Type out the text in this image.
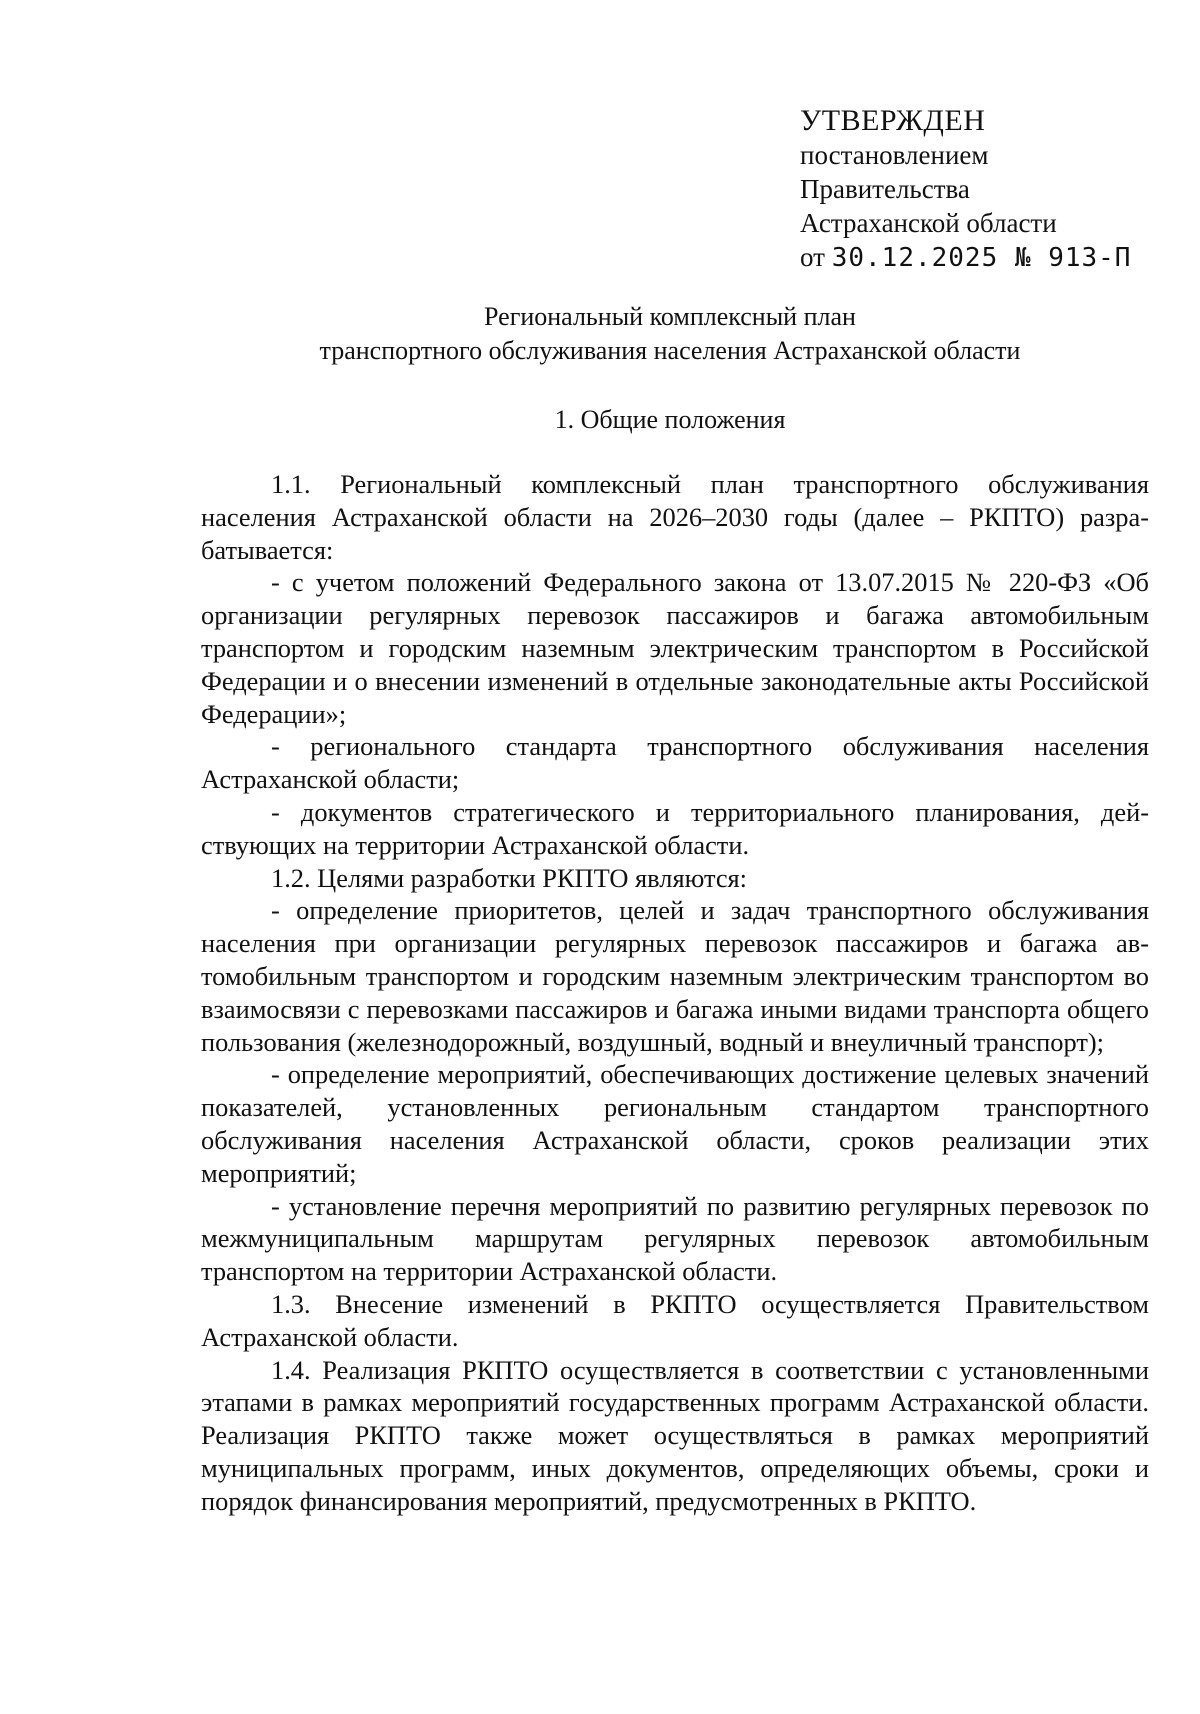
УТВЕРЖДЕН
постановлением
Правительства
Астраханской области
от 30.12.2025 № 913-П
Региональный комплексный план
транспортного обслуживания населения Астраханской области
1. Общие положения

1.1. Региональный комплексный план транспортного обслуживания населения Астраханской области на 2026–2030 годы (далее – РКПТО) разрабатывается:

- с учетом положений Федерального закона от 13.07.2015 № 220-ФЗ «Об организации регулярных перевозок пассажиров и багажа автомобильным транспортом и городским наземным электрическим транспортом в Российской Федерации и о внесении изменений в отдельные законодательные акты Российской Федерации»;

- регионального стандарта транспортного обслуживания населения Астраханской области;

- документов стратегического и территориального планирования, действующих на территории Астраханской области.

1.2. Целями разработки РКПТО являются:

- определение приоритетов, целей и задач транспортного обслуживания населения при организации регулярных перевозок пассажиров и багажа автомобильным транспортом и городским наземным электрическим транспортом во взаимосвязи с перевозками пассажиров и багажа иными видами транспорта общего пользования (железнодорожный, воздушный, водный и внеуличный транспорт);

- определение мероприятий, обеспечивающих достижение целевых значений показателей, установленных региональным стандартом транспортного обслуживания населения Астраханской области, сроков реализации этих мероприятий;

- установление перечня мероприятий по развитию регулярных перевозок по межмуниципальным маршрутам регулярных перевозок автомобильным транспортом на территории Астраханской области.

1.3. Внесение изменений в РКПТО осуществляется Правительством Астраханской области.

1.4. Реализация РКПТО осуществляется в соответствии с установленными этапами в рамках мероприятий государственных программ Астраханской области. Реализация РКПТО также может осуществляться в рамках мероприятий муниципальных программ, иных документов, определяющих объемы, сроки и порядок финансирования мероприятий, предусмотренных в РКПТО.
